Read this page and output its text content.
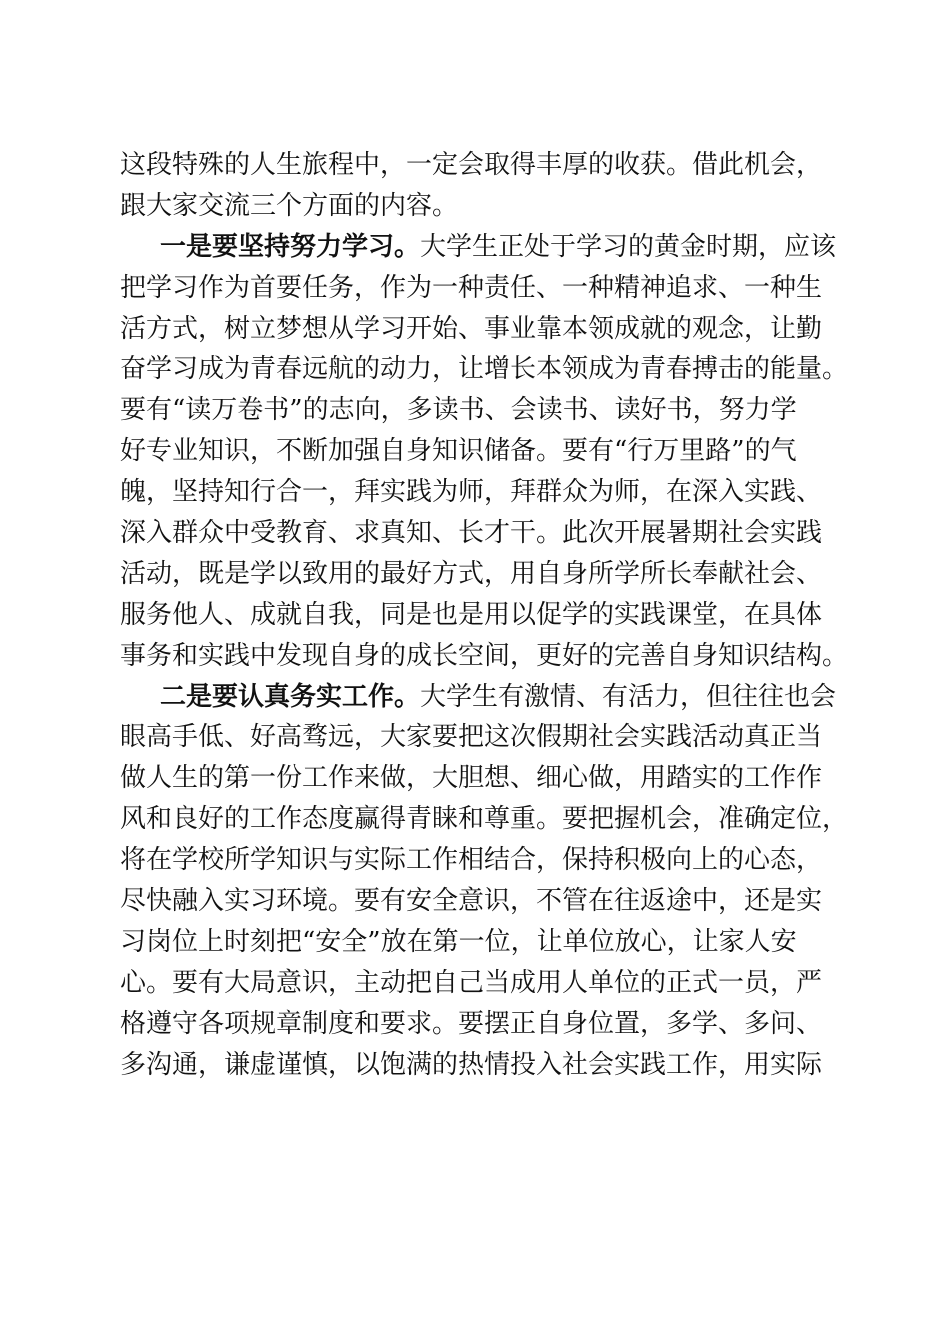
这段特殊的人生旅程中，一定会取得丰厚的收获。借此机会，
跟大家交流三个方面的内容。
一是要坚持努力学习。大学生正处于学习的黄金时期，应该
把学习作为首要任务，作为一种责任、一种精神追求、一种生
活方式，树立梦想从学习开始、事业靠本领成就的观念，让勤
奋学习成为青春远航的动力，让增长本领成为青春搏击的能量。
要有“读万卷书”的志向，多读书、会读书、读好书，努力学
好专业知识，不断加强自身知识储备。要有“行万里路”的气
魄，坚持知行合一，拜实践为师，拜群众为师，在深入实践、
深入群众中受教育、求真知、长才干。此次开展暑期社会实践
活动，既是学以致用的最好方式，用自身所学所长奉献社会、
服务他人、成就自我，同是也是用以促学的实践课堂，在具体
事务和实践中发现自身的成长空间，更好的完善自身知识结构。
二是要认真务实工作。大学生有激情、有活力，但往往也会
眼高手低、好高骛远，大家要把这次假期社会实践活动真正当
做人生的第一份工作来做，大胆想、细心做，用踏实的工作作
风和良好的工作态度赢得青睐和尊重。要把握机会，准确定位，
将在学校所学知识与实际工作相结合，保持积极向上的心态，
尽快融入实习环境。要有安全意识，不管在往返途中，还是实
习岗位上时刻把“安全”放在第一位，让单位放心，让家人安
心。要有大局意识，主动把自己当成用人单位的正式一员，严
格遵守各项规章制度和要求。要摆正自身位置，多学、多问、
多沟通，谦虚谨慎，以饱满的热情投入社会实践工作，用实际
